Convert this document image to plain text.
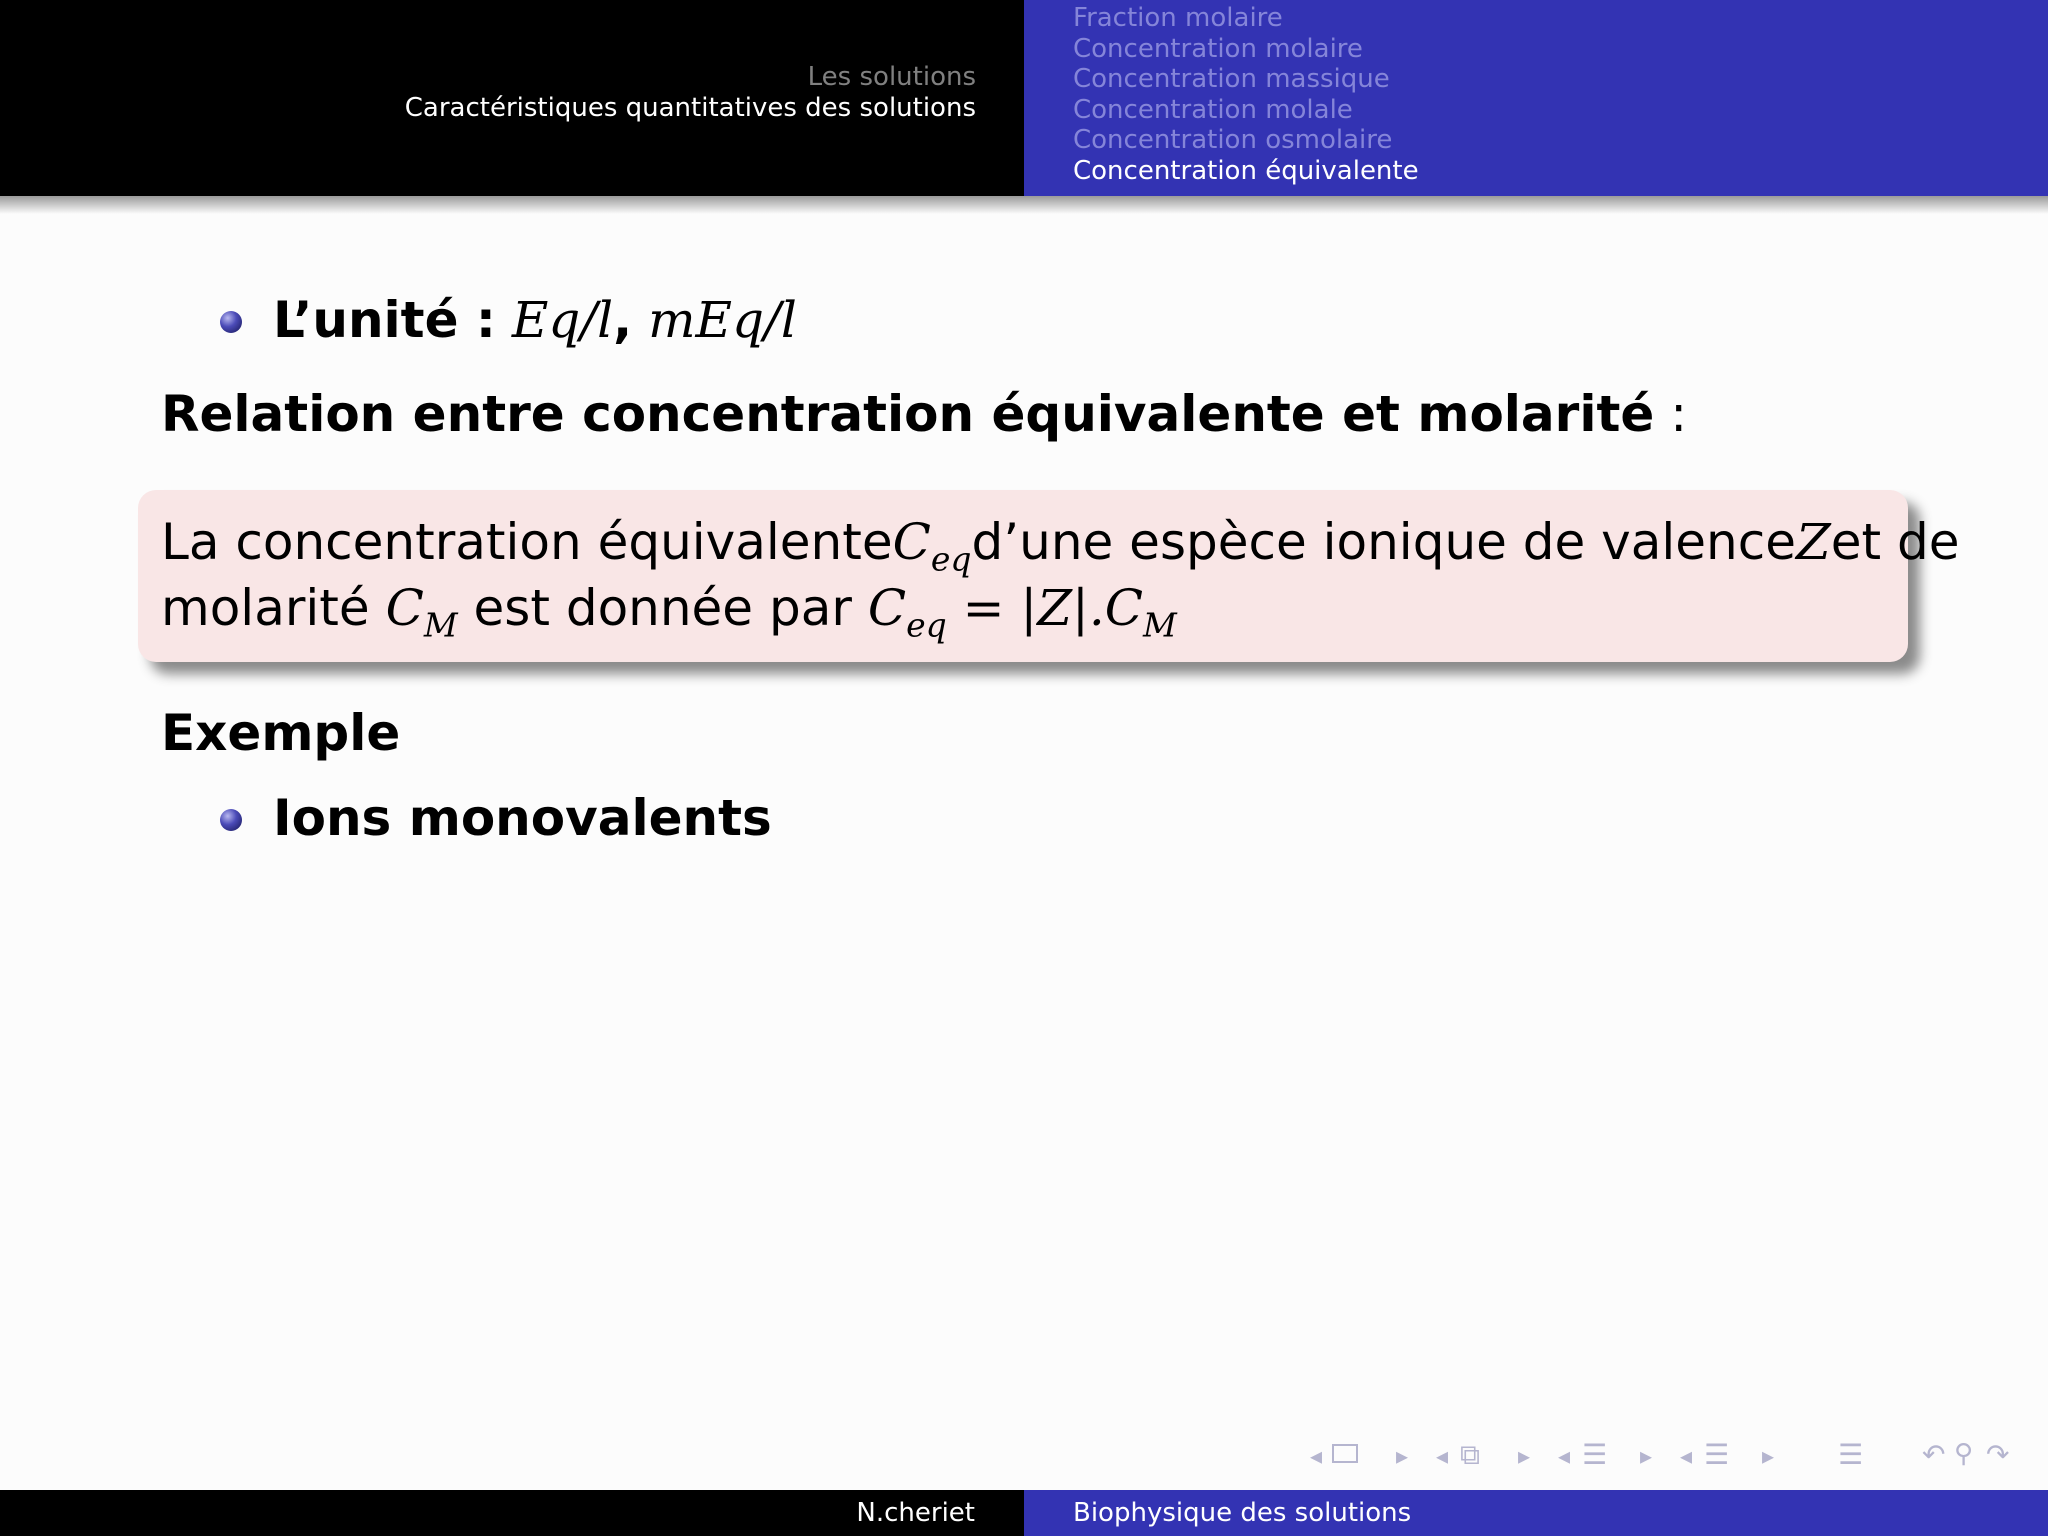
Les solutions
Caractéristiques quantitatives des solutions
Fraction molaire
Concentration molaire
Concentration massique
Concentration molale
Concentration osmolaire
Concentration équivalente
L’unité : Eq/l, mEq/l
Relation entre concentration équivalente et molarité :
La concentration équivalente $C_{eq}$ d’une espèce ionique de valence Z et de
molarité $C_M$ est donnée par $C_{eq} = |Z|.C_M$
Exemple
Ions monovalents
◂	▸ ◂ ⧉ ▸ ◂ ☰ ▸ ◂ ☰ ▸ ☰ ↶ ⚲ ↷
N.cheriet	Biophysique des solutions
